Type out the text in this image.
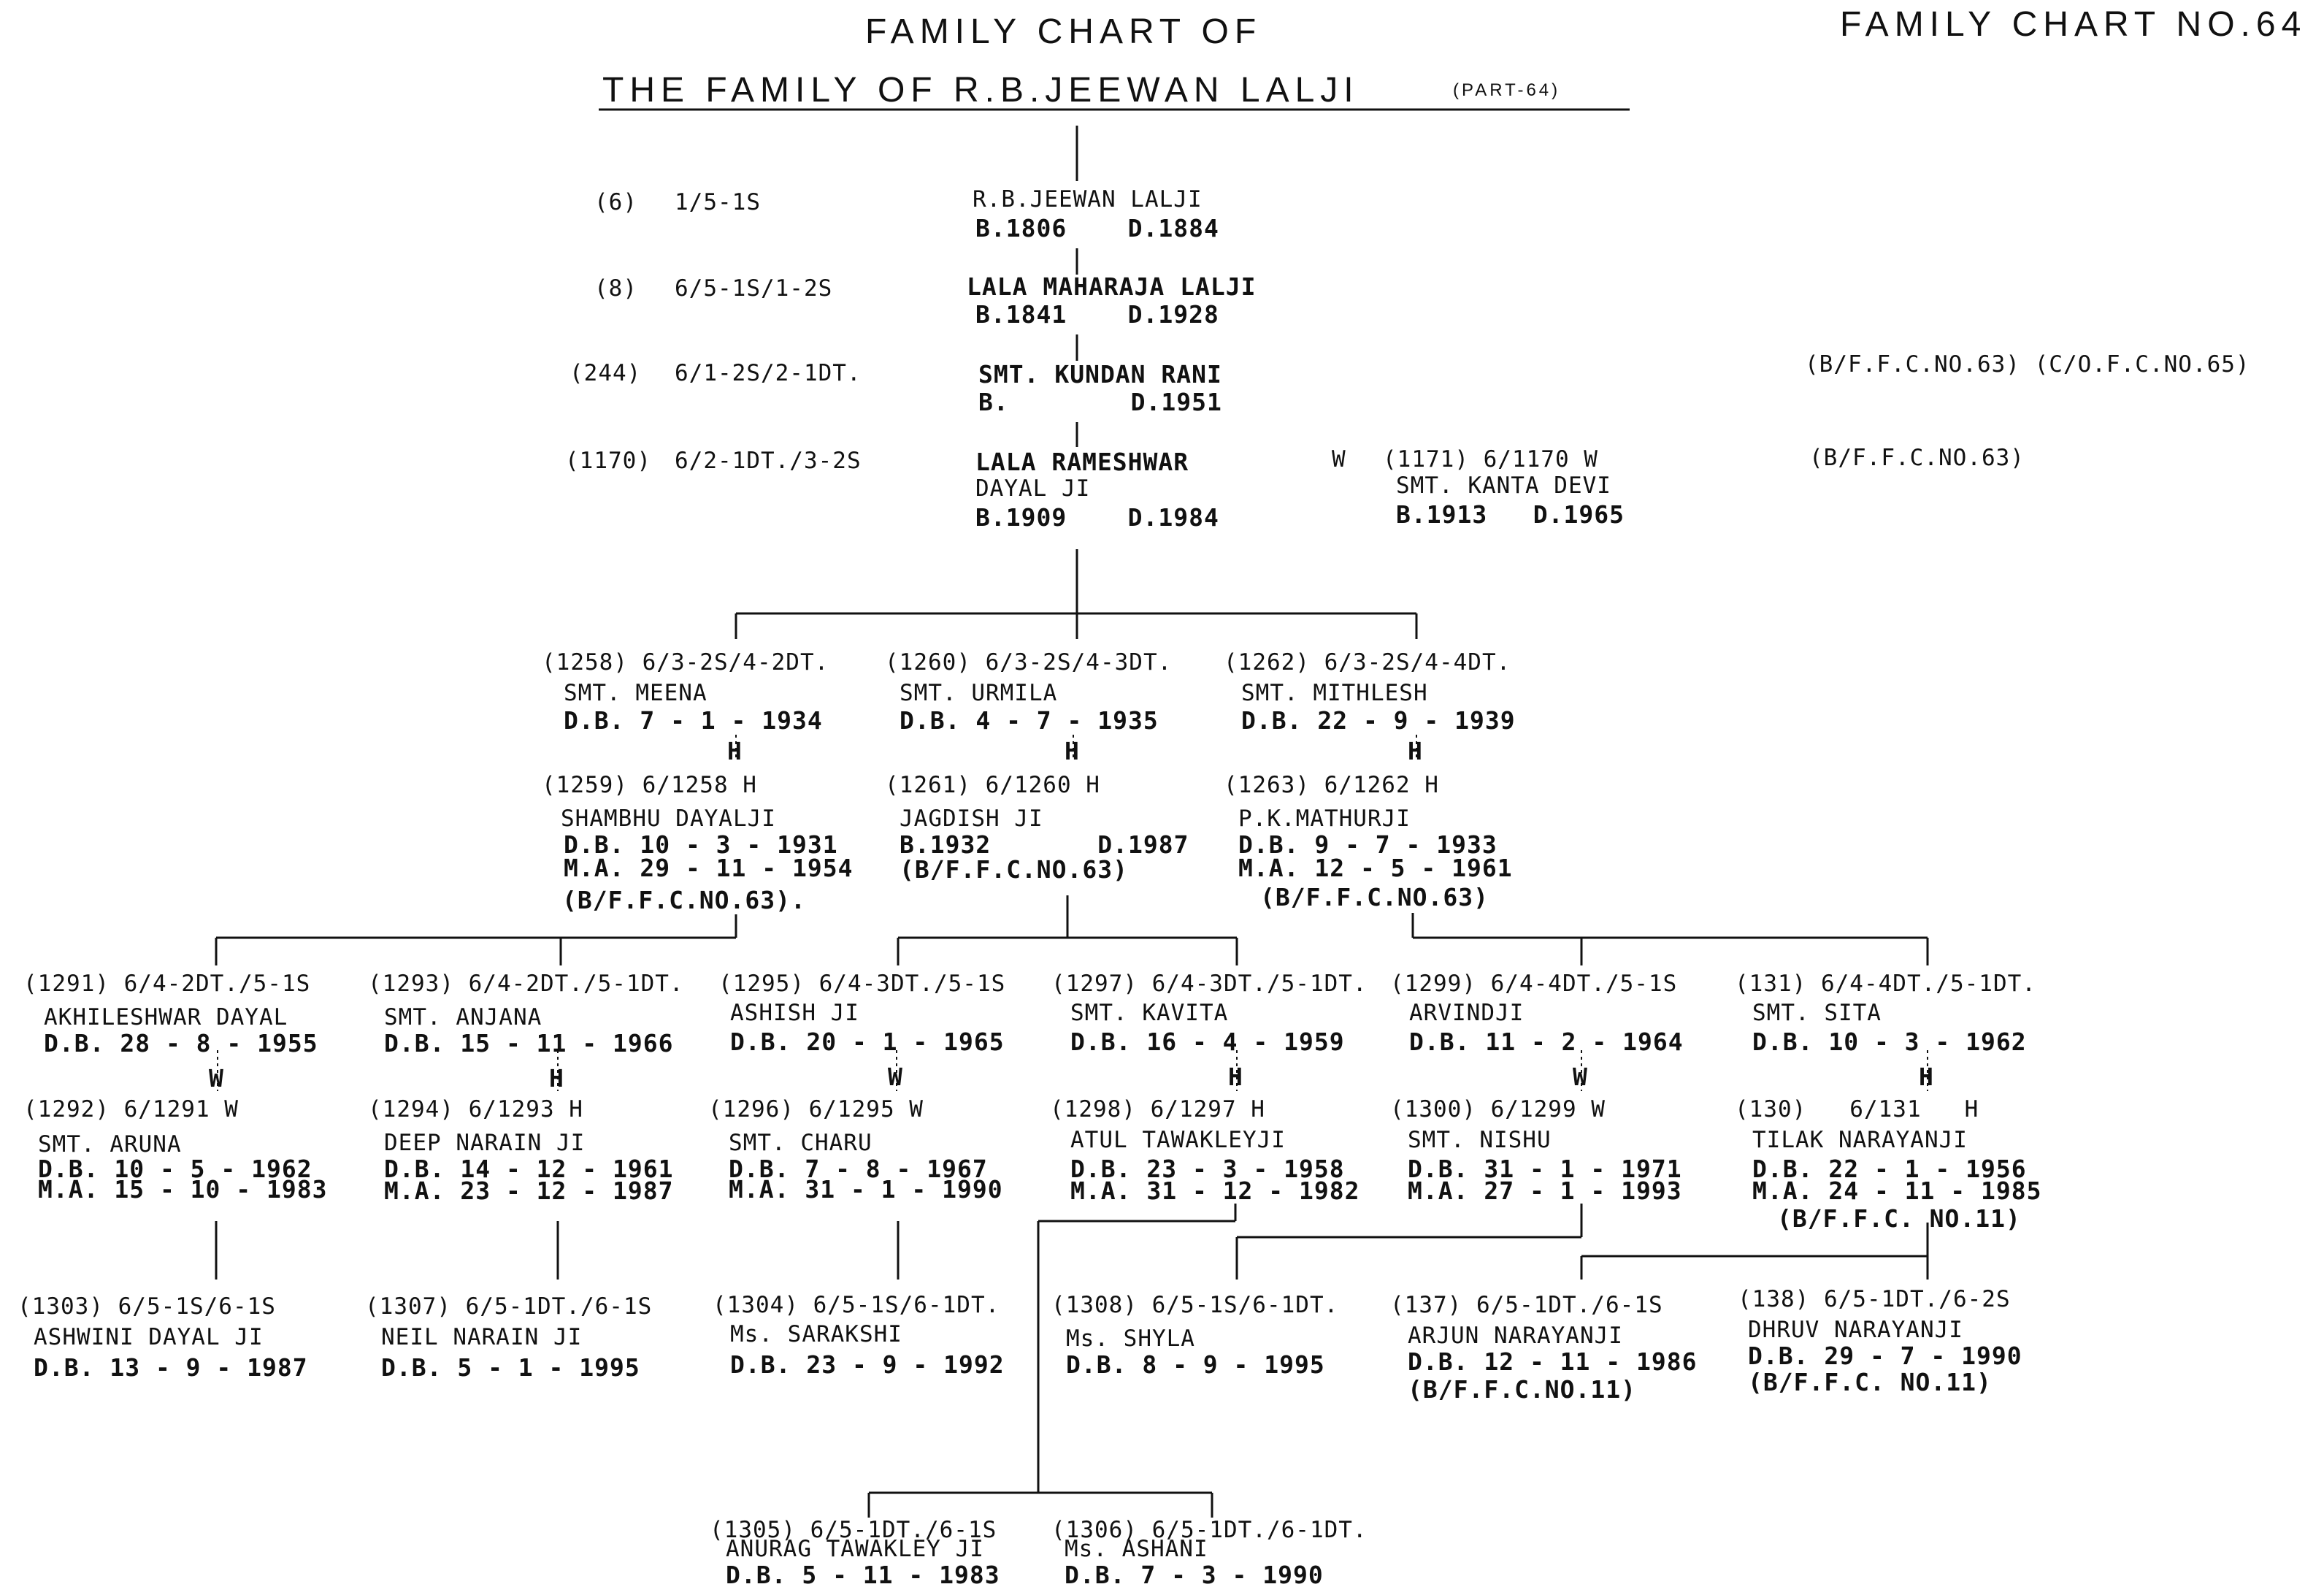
FAMILY CHART OF
THE FAMILY OF R.B.JEEWAN LALJI	(PART-64)
FAMILY CHART NO.64
(6) 1/5-1S	R.B.JEEWAN LALJI
B.1806    D.1884
(8) 6/5-1S/1-2S	LALA MAHARAJA LALJI
B.1841    D.1928
(244) 6/1-2S/2-1DT.	SMT. KUNDAN RANI
B.        D.1951
(B/F.F.C.NO.63) (C/O.F.C.NO.65)
(1170) 6/2-1DT./3-2S	LALA RAMESHWAR
DAYAL JI
B.1909    D.1984
(B/F.F.C.NO.63)
W (1171) 6/1170 W
SMT. KANTA DEVI
B.1913   D.1965
(1258) 6/3-2S/4-2DT.
SMT. MEENA
D.B. 7 - 1 - 1934
(1260) 6/3-2S/4-3DT.
SMT. URMILA
D.B. 4 - 7 - 1935
(1262) 6/3-2S/4-4DT.
SMT. MITHLESH
D.B. 22 - 9 - 1939
H	H	H
(1259) 6/1258 H
SHAMBHU DAYALJI
D.B. 10 - 3 - 1931
M.A. 29 - 11 - 1954
(B/F.F.C.NO.63).
(1261) 6/1260 H
JAGDISH JI
B.1932       D.1987
(B/F.F.C.NO.63)
(1263) 6/1262 H
P.K.MATHURJI
D.B. 9 - 7 - 1933
M.A. 12 - 5 - 1961
(B/F.F.C.NO.63)
(1291) 6/4-2DT./5-1S
AKHILESHWAR DAYAL
D.B. 28 - 8 - 1955
W
(1293) 6/4-2DT./5-1DT.
SMT. ANJANA
D.B. 15 - 11 - 1966
H
(1295) 6/4-3DT./5-1S
ASHISH JI
D.B. 20 - 1 - 1965
W
(1297) 6/4-3DT./5-1DT.
SMT. KAVITA
D.B. 16 - 4 - 1959
H
(1299) 6/4-4DT./5-1S
ARVINDJI
D.B. 11 - 2 - 1964
W
(131) 6/4-4DT./5-1DT.
SMT. SITA
D.B. 10 - 3 - 1962
H
(1292) 6/1291 W
SMT. ARUNA
D.B. 10 - 5 - 1962
M.A. 15 - 10 - 1983
(1294) 6/1293 H
DEEP NARAIN JI
D.B. 14 - 12 - 1961
M.A. 23 - 12 - 1987
(1296) 6/1295 W
SMT. CHARU
D.B. 7 - 8 - 1967
M.A. 31 - 1 - 1990
(1298) 6/1297 H
ATUL TAWAKLEYJI
D.B. 23 - 3 - 1958
M.A. 31 - 12 - 1982
(1300) 6/1299 W
SMT. NISHU
D.B. 31 - 1 - 1971
M.A. 27 - 1 - 1993
(130)   6/131   H
TILAK NARAYANJI
D.B. 22 - 1 - 1956
M.A. 24 - 11 - 1985
(B/F.F.C. NO.11)
(1303) 6/5-1S/6-1S
ASHWINI DAYAL JI
D.B. 13 - 9 - 1987
(1307) 6/5-1DT./6-1S
NEIL NARAIN JI
D.B. 5 - 1 - 1995
(1304) 6/5-1S/6-1DT.
Ms. SARAKSHI
D.B. 23 - 9 - 1992
(1308) 6/5-1S/6-1DT.
Ms. SHYLA
D.B. 8 - 9 - 1995
(137) 6/5-1DT./6-1S
ARJUN NARAYANJI
D.B. 12 - 11 - 1986
(B/F.F.C.NO.11)
(138) 6/5-1DT./6-2S
DHRUV NARAYANJI
D.B. 29 - 7 - 1990
(B/F.F.C. NO.11)
(1305) 6/5-1DT./6-1S
ANURAG TAWAKLEY JI
D.B. 5 - 11 - 1983
(1306) 6/5-1DT./6-1DT.
Ms. ASHANI
D.B. 7 - 3 - 1990
